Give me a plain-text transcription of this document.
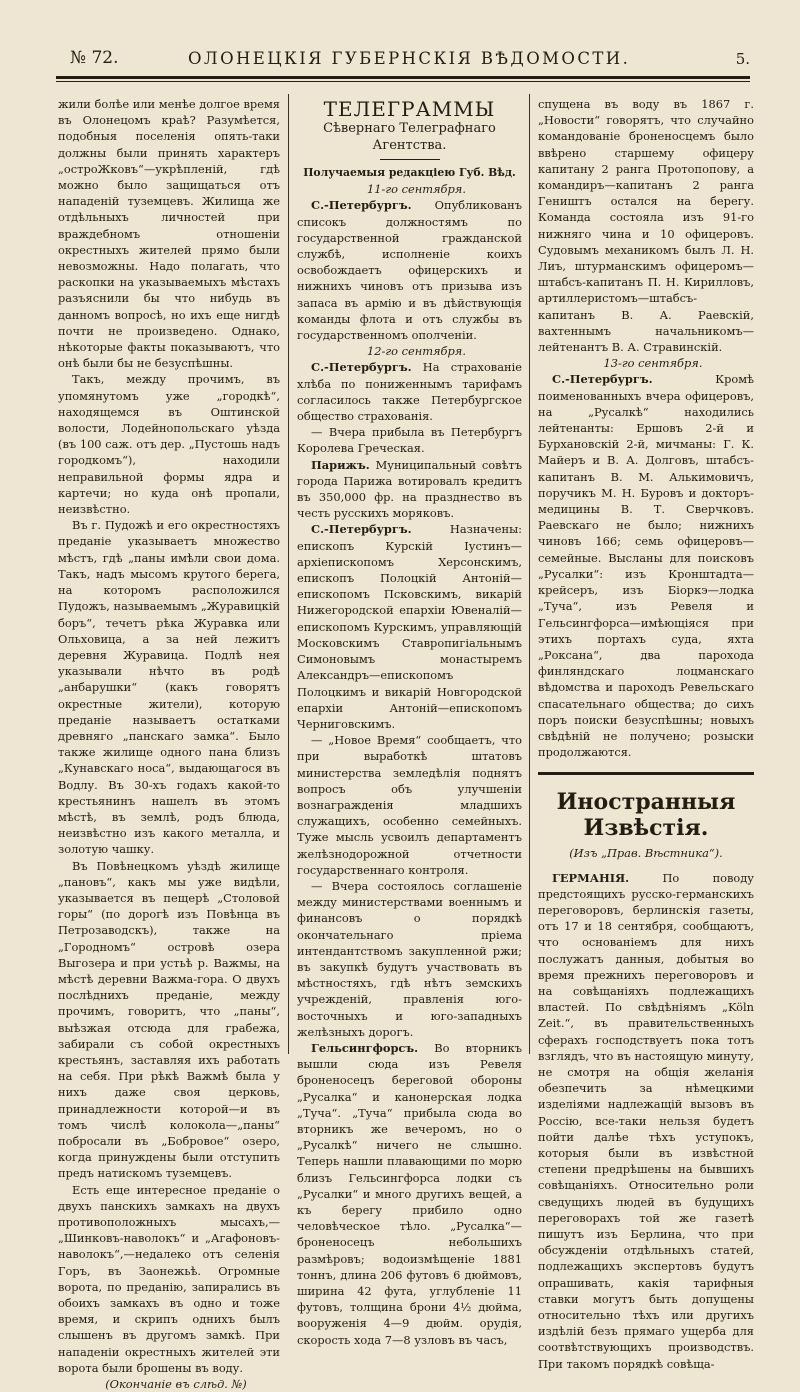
№ 72.	ОЛОНЕЦКІЯ ГУБЕРНСКІЯ ВѢДОМОСТИ.	5.

жили болѣе или менѣе долгое время въ Олонецомъ краѣ? Разумѣется, подобныя поселенія опять-таки должны были принять характеръ „остроЖковъ“—укрѣпленій, гдѣ можно было защищаться отъ нападеній туземцевъ. Жилища же отдѣльныхъ личностей при враждебномъ отношеніи окрестныхъ жителей прямо были невозможны. Надо полагать, что раскопки на указываемыхъ мѣстахъ разъяснили бы что нибудь въ данномъ вопросѣ, но ихъ еще нигдѣ почти не произведено. Однако, нѣкоторые факты показываютъ, что онѣ были бы не безуспѣшны.

Такъ, между прочимъ, въ упомянутомъ уже „городкѣ“, находящемся въ Оштинской волости, Лодейнопольскаго уѣзда (въ 100 саж. отъ дер. „Пустошь надъ городкомъ“), находили неправильной формы ядра и картечи; но куда онѣ пропали, неизвѣстно.

Въ г. Пудожѣ и его окрестностяхъ преданіе указываетъ множество мѣстъ, гдѣ „паны имѣли свои дома. Такъ, надъ мысомъ крутого берега, на которомъ расположился Пудожъ, называемымъ „Журавицкій боръ“, течетъ рѣка Журавка или Ольховица, а за ней лежитъ деревня Журавица. Подлѣ нея указывали нѣчто въ родѣ „анбарушки“ (какъ говорятъ окрестные жители), которую преданіе называетъ остатками древняго „панскаго замка“. Было также жилище одного пана близъ „Кунавскаго носа“, выдающагося въ Водлу. Въ 30-хъ годахъ какой-то крестьянинъ нашелъ въ этомъ мѣстѣ, въ землѣ, родъ блюда, неизвѣстно изъ какого металла, и золотую чашку.

Въ Повѣнецкомъ уѣздѣ жилище „пановъ“, какъ мы уже видѣли, указывается въ пещерѣ „Столовой горы“ (по дорогѣ изъ Повѣнца въ Петрозаводскъ), также на „Городномъ“ островѣ озера Выгозера и при устьѣ р. Важмы, на мѣстѣ деревни Важма-гора. О двухъ послѣднихъ преданіе, между прочимъ, говоритъ, что „паны“, выѣзжая отсюда для грабежа, забирали съ собой окрестныхъ крестьянъ, заставляя ихъ работать на себя. При рѣкѣ Важмѣ была у нихъ даже своя церковь, принадлежности которой—и въ томъ числѣ колокола—„паны“ побросали въ „Бобровое“ озеро, когда принуждены были отступить предъ натискомъ туземцевъ.

Есть еще интересное преданіе о двухъ панскихъ замкахъ на двухъ противоположныхъ мысахъ,—„Шинковъ-наволокъ“ и „Агафоновъ-наволокъ“,—недалеко отъ селенія Горъ, въ Заонежьѣ. Огромные ворота, по преданію, запирались въ обоихъ замкахъ въ одно и тоже время, и скрипъ однихъ былъ слышенъ въ другомъ замкѣ. При нападеніи окрестныхъ жителей эти ворота были брошены въ воду.

(Окончаніе въ слѣд. №)

ТЕЛЕГРАММЫ
Сѣвернаго Телеграфнаго Агентства.
Получаемыя редакціею Губ. Вѣд.

11-го сентября.

С.-Петербургъ. Опубликованъ списокъ должностямъ по государственной гражданской службѣ, исполненіе коихъ освобождаетъ офицерскихъ и нижнихъ чиновъ отъ призыва изъ запаса въ армію и въ дѣйствующія команды флота и отъ службы въ государственномъ ополченіи.

12-го сентября.

С.-Петербургъ. На страхованіе хлѣба по пониженнымъ тарифамъ согласилось также Петербургское общество страхованія.

— Вчера прибыла въ Петербургъ Королева Греческая.

Парижъ. Муниципальный совѣтъ города Парижа вотировалъ кредитъ въ 350,000 фр. на празднество въ честь русскихъ моряковъ.

С.-Петербургъ. Назначены: епископъ Курскій Іустинъ—архіепископомъ Херсонскимъ, епископъ Полоцкій Антоній—епископомъ Псковскимъ, викарій Нижегородской епархіи Ювеналій—епископомъ Курскимъ, управляющій Московскимъ Ставропигіальнымъ Симоновымъ монастыремъ Александръ—епископомъ Полоцкимъ и викарій Новгородской епархіи Антоній—епископомъ Черниговскимъ.

— „Новое Время“ сообщаетъ, что при выработкѣ штатовъ министерства земледѣлія поднятъ вопросъ объ улучшеніи вознагражденія младшихъ служащихъ, особенно семейныхъ. Тужe мысль усвоилъ департаментъ желѣзнодорожной отчетности государственнаго контроля.

— Вчера состоялось соглашеніе между министерствами военнымъ и финансовъ о порядкѣ окончательнаго пріема интендантствомъ закупленной ржи; въ закупкѣ будутъ участвовать въ мѣстностяхъ, гдѣ нѣтъ земскихъ учрежденій, правленія юго-восточныхъ и юго-западныхъ желѣзныхъ дорогъ.

Гельсингфорсъ. Во вторникъ вышли сюда изъ Ревеля броненосецъ береговой обороны „Русалка“ и канонерская лодка „Туча“. „Туча“ прибыла сюда во вторникъ же вечеромъ, но о „Русалкѣ“ ничего не слышно. Теперь нашли плавающими по морю близъ Гельсингфорса лодки съ „Русалки“ и много другихъ вещей, а къ берегу прибило одно человѣческое тѣло. „Русалка“—броненосецъ небольшихъ размѣровъ; водоизмѣщеніе 1881 тоннъ, длина 206 футовъ 6 дюймовъ, ширина 42 фута, углубленіе 11 футовъ, толщина брони 4½ дюйма, вооруженія 4—9 дюйм. орудія, скорость хода 7—8 узловъ въ часъ,

спущена въ воду въ 1867 г. „Новости“ говорятъ, что случайно командованіе броненосцемъ было ввѣрено старшему офицеру капитану 2 ранга Протопопову, а командиръ—капитанъ 2 ранга Геништъ остался на берегу. Команда состояла изъ 91-го нижняго чина и 10 офицеровъ. Судовымъ механикомъ былъ Л. Н. Лиъ, штурманскимъ офицеромъ—штабсъ-капитанъ П. Н. Кирилловъ, артиллеристомъ—штабсъ-капитанъ В. А. Раевскій, вахтеннымъ начальникомъ—лейтенантъ В. А. Стравинскій.

13-го сентября.

С.-Петербургъ. Кромѣ поименованныхъ вчера офицеровъ, на „Русалкѣ“ находились лейтенанты: Ершовъ 2-й и Бурхановскій 2-й, мичманы: Г. К. Майеръ и В. А. Долговъ, штабсъ-капитанъ В. М. Алькимовичъ, поручикъ М. Н. Буровъ и докторъ-медицины В. Т. Сверчковъ. Раевскаго не было; нижнихъ чиновъ 166; семь офицеровъ—семейные. Высланы для поисковъ „Русалки“: изъ Кронштадта—крейсеръ, изъ Біоркэ—лодка „Туча“, изъ Ревеля и Гельсингфорса—имѣющіяся при этихъ портахъ суда, яхта „Роксана“, два парохода финляндскаго лоцманскаго вѣдомства и пароходъ Ревельскаго спасательнаго общества; до сихъ поръ поиски безуспѣшны; новыхъ свѣдѣній не получено; розыски продолжаются.

Иностранныя Извѣстія.
(Изъ „Прав. Вѣстника“).

ГЕРМАНІЯ. По поводу предстоящихъ русско-германскихъ переговоровъ, берлинскія газеты, отъ 17 и 18 сентября, сообщаютъ, что основаніемъ для нихъ послужатъ данныя, добытыя во время прежнихъ переговоровъ и на совѣщаніяхъ подлежащихъ властей. По свѣдѣніямъ „Köln Zeit.“, въ правительственныхъ сферахъ господствуетъ пока тотъ взглядъ, что въ настоящую минуту, не смотря на общія желанія обезпечить за нѣмецкими изделіями надлежащій вызовъ въ Россію, все-таки нельзя будетъ пойти далѣе тѣхъ уступокъ, которыя были въ извѣстной степени предрѣшены на бывшихъ совѣщаніяхъ. Относительно роли сведущихъ людей въ будущихъ переговорахъ той же газетѣ пишутъ изъ Берлина, что при обсужденіи отдѣльныхъ статей, подлежащихъ экспертовъ будутъ опрашивать, какія тарифныя ставки могутъ быть допущены относительно тѣхъ или другихъ издѣлій безъ прямаго ущерба для соотвѣтствующихъ производствъ. При такомъ порядкѣ совѣща-
